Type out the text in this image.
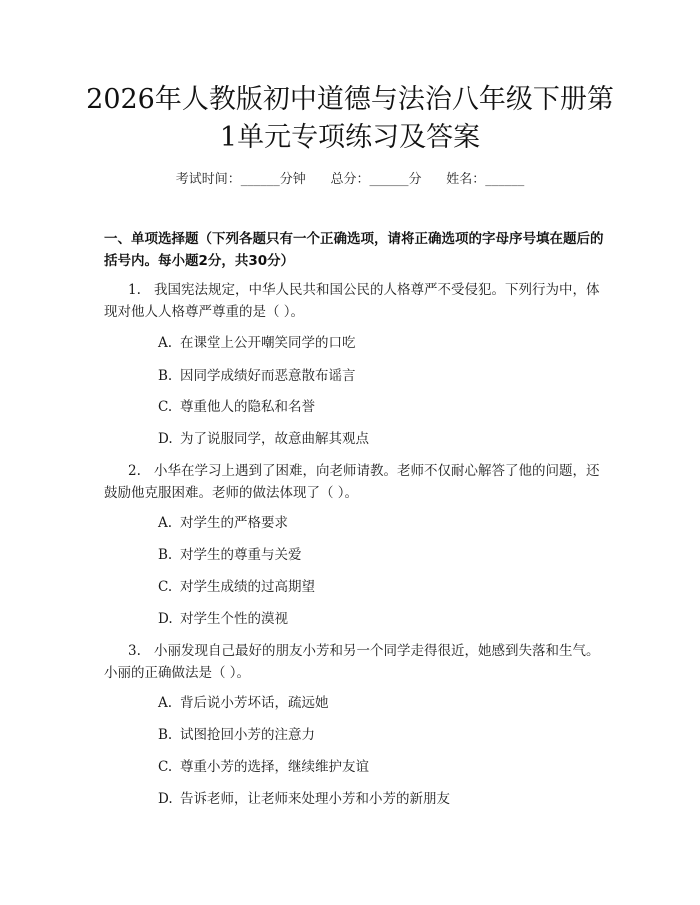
2026年人教版初中道德与法治八年级下册第
1单元专项练习及答案
考试时间：______分钟      总分：______分      姓名：______
一、单项选择题（下列各题只有一个正确选项，请将正确选项的字母序号填在题后的括号内。每小题2分，共30分）
1. 我国宪法规定，中华人民共和国公民的人格尊严不受侵犯。下列行为中，体现对他人人格尊严尊重的是（ ）。
A. 在课堂上公开嘲笑同学的口吃
B. 因同学成绩好而恶意散布谣言
C. 尊重他人的隐私和名誉
D. 为了说服同学，故意曲解其观点
2. 小华在学习上遇到了困难，向老师请教。老师不仅耐心解答了他的问题，还鼓励他克服困难。老师的做法体现了（ ）。
A. 对学生的严格要求
B. 对学生的尊重与关爱
C. 对学生成绩的过高期望
D. 对学生个性的漠视
3. 小丽发现自己最好的朋友小芳和另一个同学走得很近，她感到失落和生气。小丽的正确做法是（ ）。
A. 背后说小芳坏话，疏远她
B. 试图抢回小芳的注意力
C. 尊重小芳的选择，继续维护友谊
D. 告诉老师，让老师来处理小芳和小芳的新朋友
